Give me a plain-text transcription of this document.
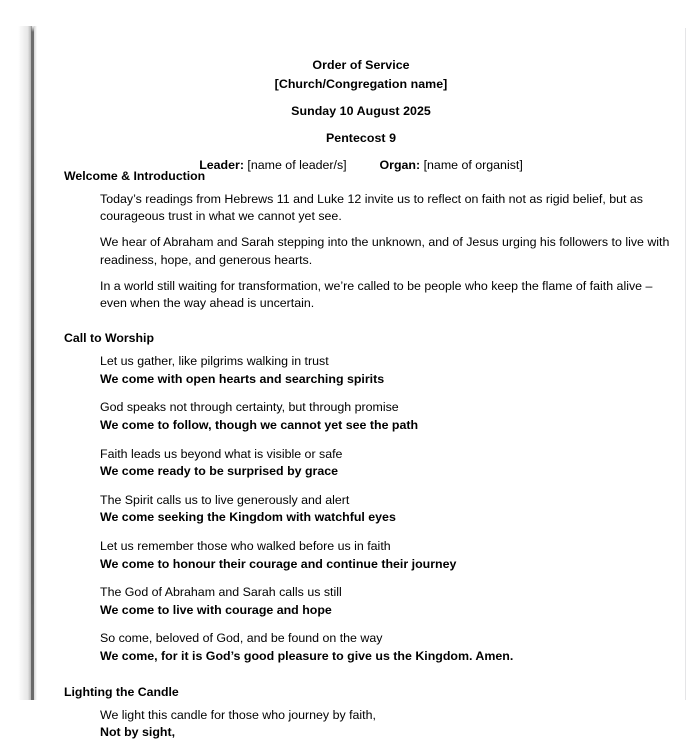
Order of Service
[Church/Congregation name]
Sunday 10 August 2025
Pentecost 9
Leader: [name of leader/s]	Organ: [name of organist]
Welcome & Introduction

Today’s readings from Hebrews 11 and Luke 12 invite us to reflect on faith not as rigid belief, but as courageous trust in what we cannot yet see.

We hear of Abraham and Sarah stepping into the unknown, and of Jesus urging his followers to live with readiness, hope, and generous hearts.

In a world still waiting for transformation, we’re called to be people who keep the flame of faith alive – even when the way ahead is uncertain.

Call to Worship
Let us gather, like pilgrims walking in trust
We come with open hearts and searching spirits
God speaks not through certainty, but through promise
We come to follow, though we cannot yet see the path
Faith leads us beyond what is visible or safe
We come ready to be surprised by grace
The Spirit calls us to live generously and alert
We come seeking the Kingdom with watchful eyes
Let us remember those who walked before us in faith
We come to honour their courage and continue their journey
The God of Abraham and Sarah calls us still
We come to live with courage and hope
So come, beloved of God, and be found on the way
We come, for it is God’s good pleasure to give us the Kingdom. Amen.
Lighting the Candle
We light this candle for those who journey by faith,
Not by sight,
